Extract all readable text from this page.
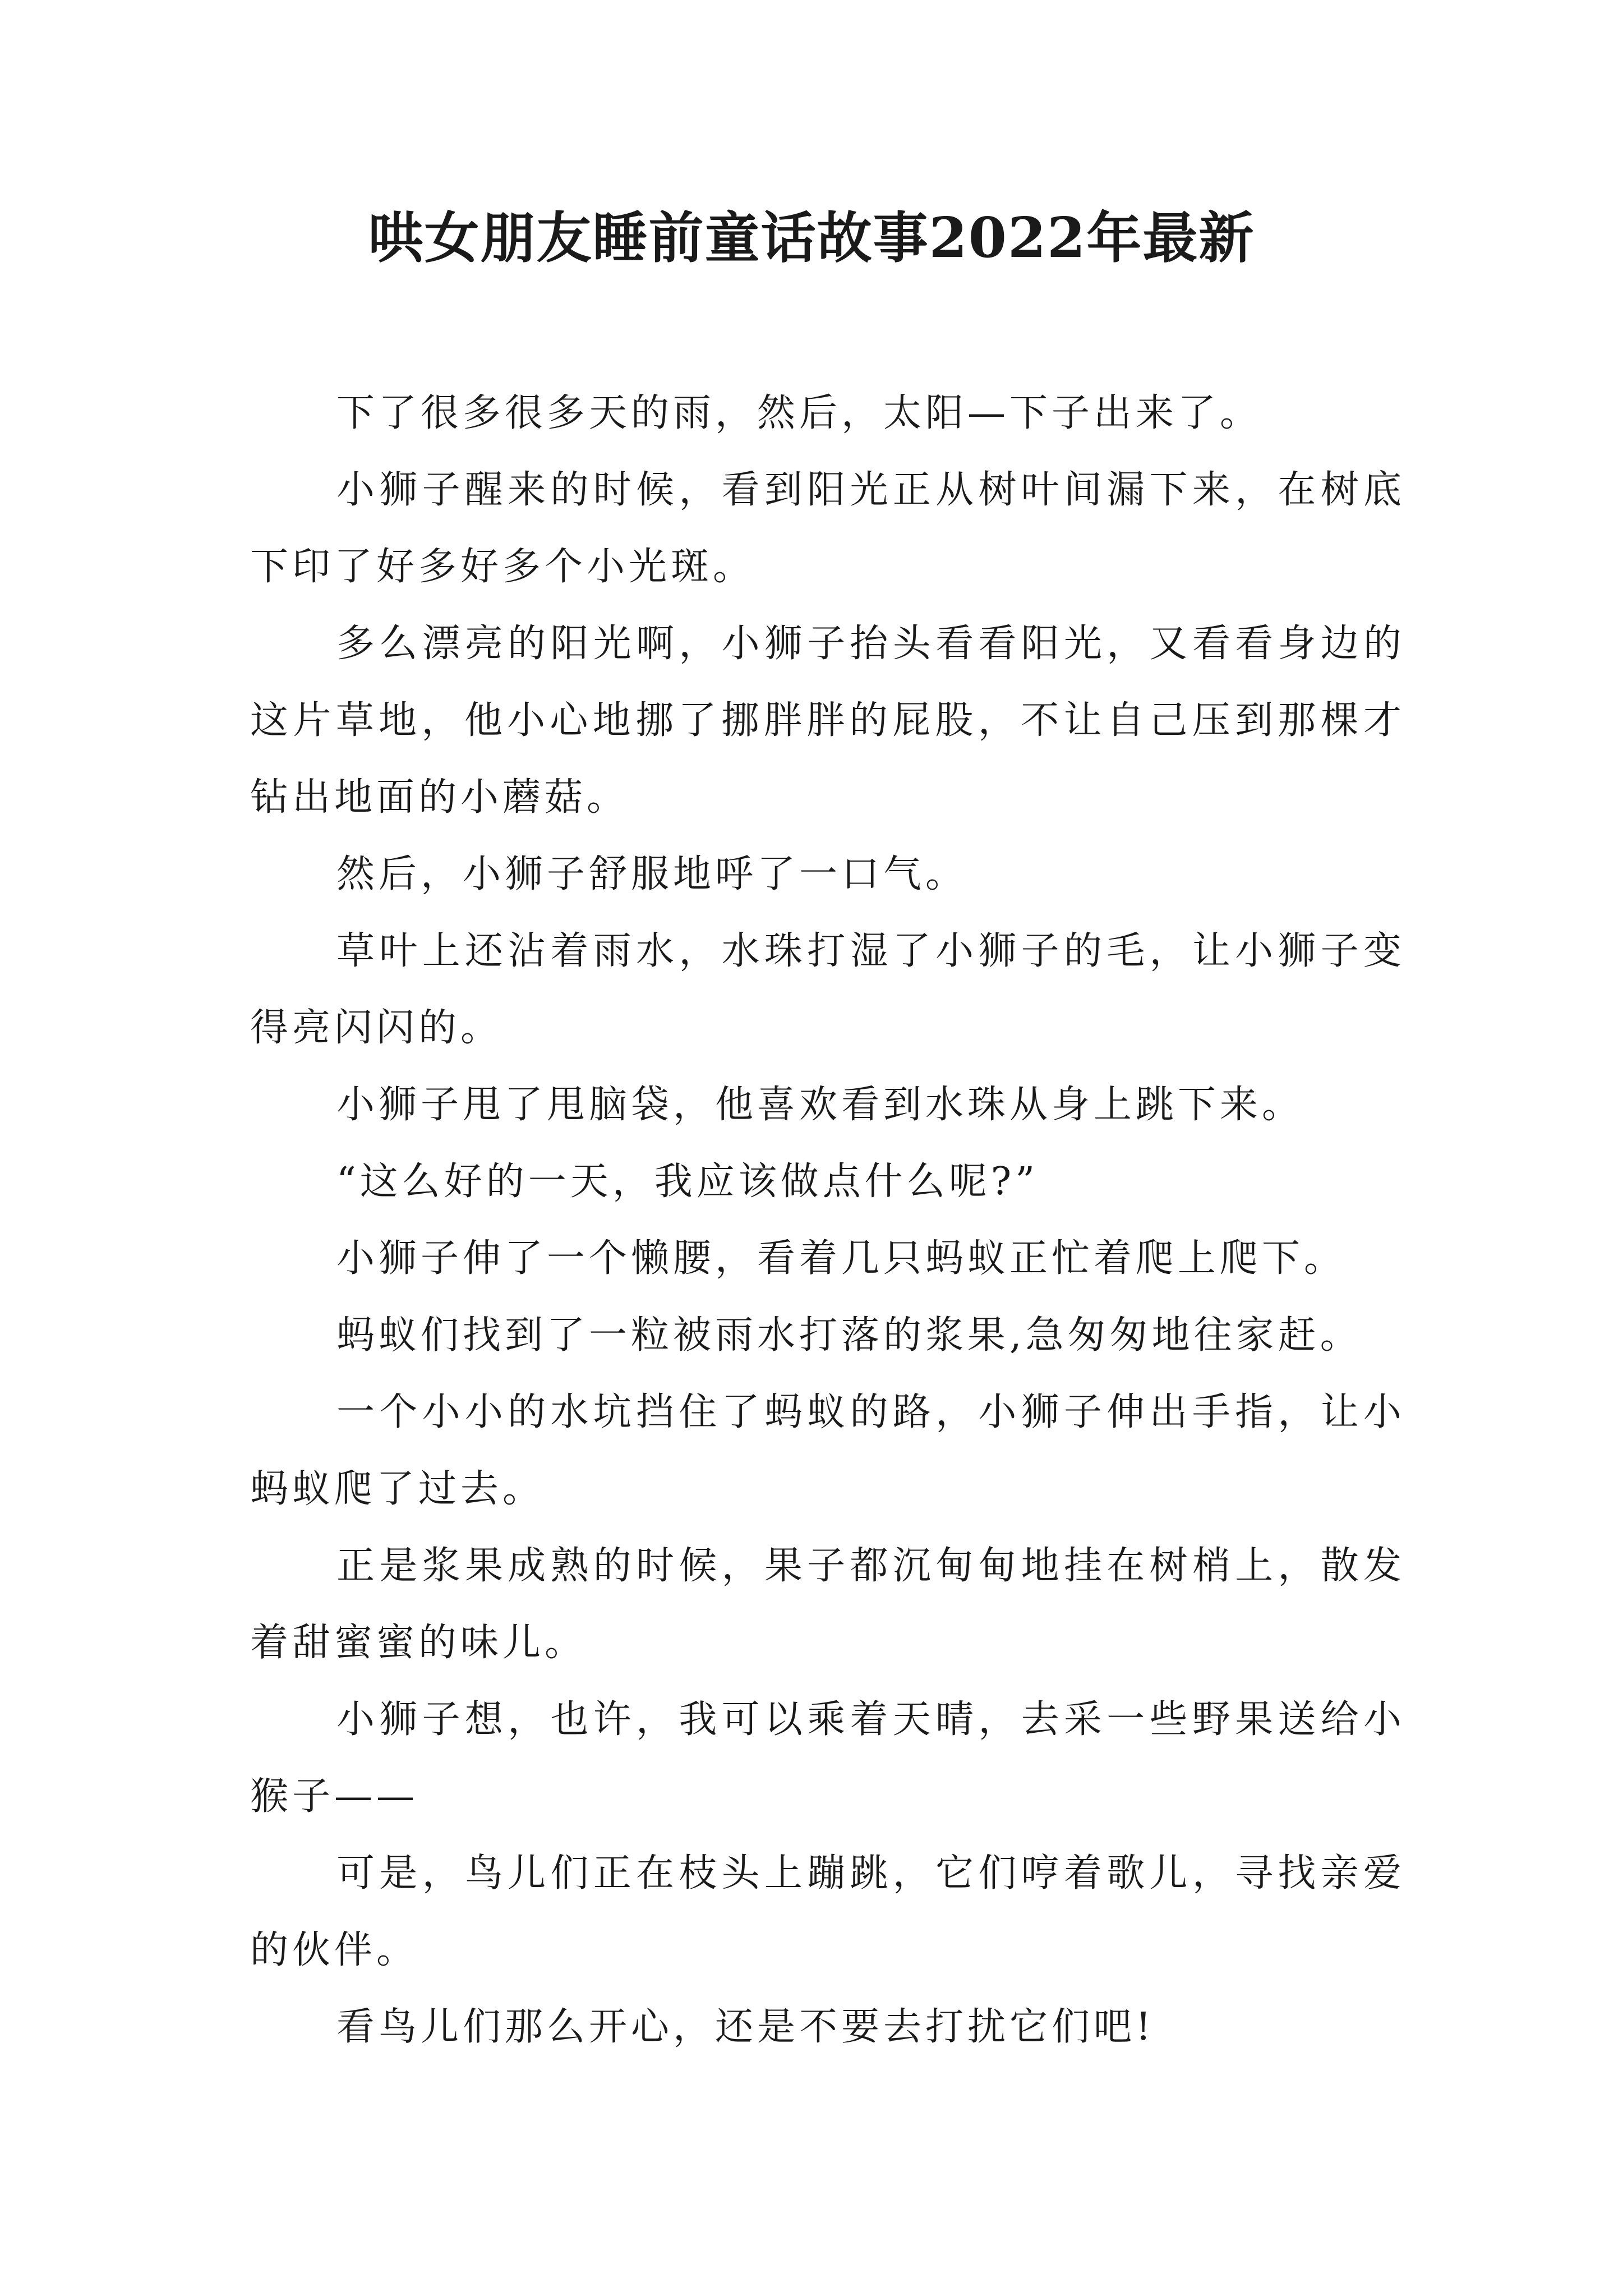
哄女朋友睡前童话故事2022年最新

下了很多很多天的雨，然后，太阳—下子出来了。

小狮子醒来的时候，看到阳光正从树叶间漏下来，在树底下印了好多好多个小光斑。

多么漂亮的阳光啊，小狮子抬头看看阳光，又看看身边的这片草地，他小心地挪了挪胖胖的屁股，不让自己压到那棵才钻出地面的小蘑菇。

然后，小狮子舒服地呼了一口气。

草叶上还沾着雨水，水珠打湿了小狮子的毛，让小狮子变得亮闪闪的。

小狮子甩了甩脑袋，他喜欢看到水珠从身上跳下来。

“这么好的一天，我应该做点什么呢?”

小狮子伸了一个懒腰，看着几只蚂蚁正忙着爬上爬下。

蚂蚁们找到了一粒被雨水打落的浆果,急匆匆地往家赶。

一个小小的水坑挡住了蚂蚁的路，小狮子伸出手指，让小蚂蚁爬了过去。

正是浆果成熟的时候，果子都沉甸甸地挂在树梢上，散发着甜蜜蜜的味儿。

小狮子想，也许，我可以乘着天晴，去采一些野果送给小猴子——

可是，鸟儿们正在枝头上蹦跳，它们哼着歌儿，寻找亲爱的伙伴。

看鸟儿们那么开心，还是不要去打扰它们吧!
